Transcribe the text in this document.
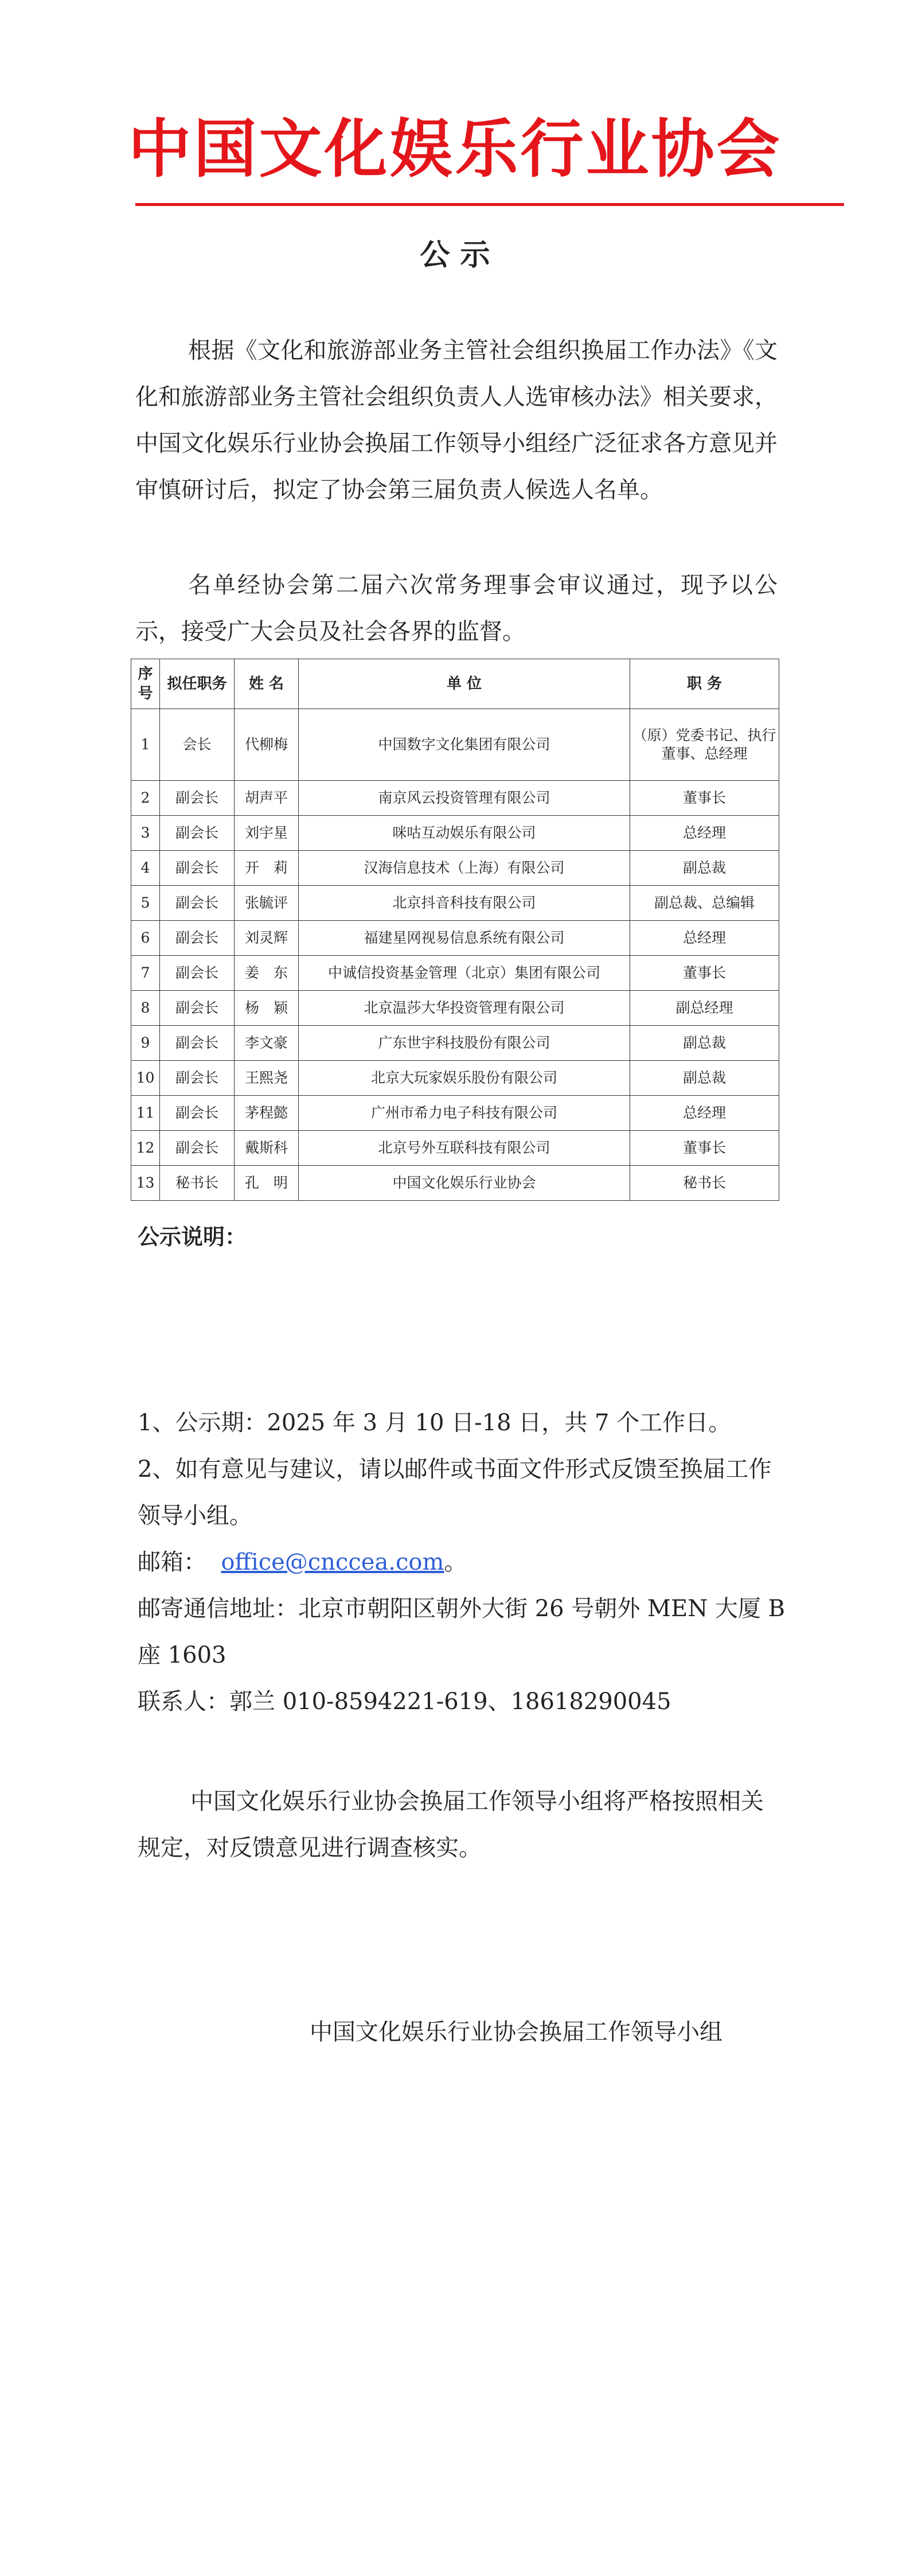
中国文化娱乐行业协会
公 示

根据《文化和旅游部业务主管社会组织换届工作办法》《文化和旅游部业务主管社会组织负责人人选审核办法》相关要求，中国文化娱乐行业协会换届工作领导小组经广泛征求各方意见并审慎研讨后，拟定了协会第三届负责人候选人名单。

名单经协会第二届六次常务理事会审议通过，现予以公示，接受广大会员及社会各界的监督。

序号	拟任职务	姓 名	单 位	职 务
1	会长	代柳梅	中国数字文化集团有限公司	（原）党委书记、执行董事、总经理
2	副会长	胡声平	南京风云投资管理有限公司	董事长
3	副会长	刘宇星	咪咕互动娱乐有限公司	总经理
4	副会长	开　莉	汉海信息技术（上海）有限公司	副总裁
5	副会长	张毓评	北京抖音科技有限公司	副总裁、总编辑
6	副会长	刘灵辉	福建星网视易信息系统有限公司	总经理
7	副会长	姜　东	中诚信投资基金管理（北京）集团有限公司	董事长
8	副会长	杨　颖	北京温莎大华投资管理有限公司	副总经理
9	副会长	李文豪	广东世宇科技股份有限公司	副总裁
10	副会长	王熙尧	北京大玩家娱乐股份有限公司	副总裁
11	副会长	茅程懿	广州市希力电子科技有限公司	总经理
12	副会长	戴斯科	北京号外互联科技有限公司	董事长
13	秘书长	孔　明	中国文化娱乐行业协会	秘书长
公示说明：

1、公示期：2025 年 3 月 10 日-18 日，共 7 个工作日。

2、如有意见与建议，请以邮件或书面文件形式反馈至换届工作领导小组。

邮箱： office@cnccea.com。

邮寄通信地址：北京市朝阳区朝外大街 26 号朝外 MEN 大厦 B 座 1603

联系人：郭兰 010-8594221-619、18618290045

中国文化娱乐行业协会换届工作领导小组将严格按照相关规定，对反馈意见进行调查核实。

中国文化娱乐行业协会换届工作领导小组
